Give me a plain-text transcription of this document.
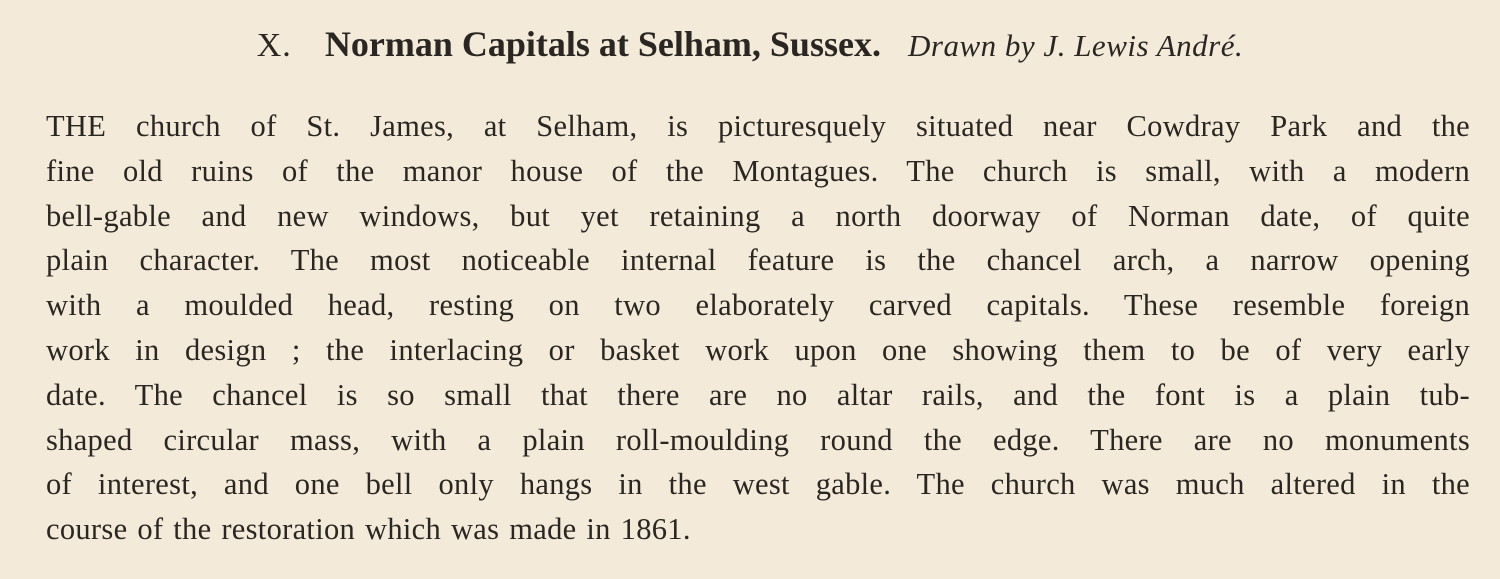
X. Norman Capitals at Selham, Sussex. Drawn by J. Lewis André.
THE church of St. James, at Selham, is picturesquely situated near Cowdray Park and the
fine old ruins of the manor house of the Montagues. The church is small, with a modern
bell-gable and new windows, but yet retaining a north doorway of Norman date, of quite
plain character. The most noticeable internal feature is the chancel arch, a narrow opening
with a moulded head, resting on two elaborately carved capitals. These resemble foreign
work in design ; the interlacing or basket work upon one showing them to be of very early
date. The chancel is so small that there are no altar rails, and the font is a plain tub-
shaped circular mass, with a plain roll-moulding round the edge. There are no monuments
of interest, and one bell only hangs in the west gable. The church was much altered in the
course of the restoration which was made in 1861.
